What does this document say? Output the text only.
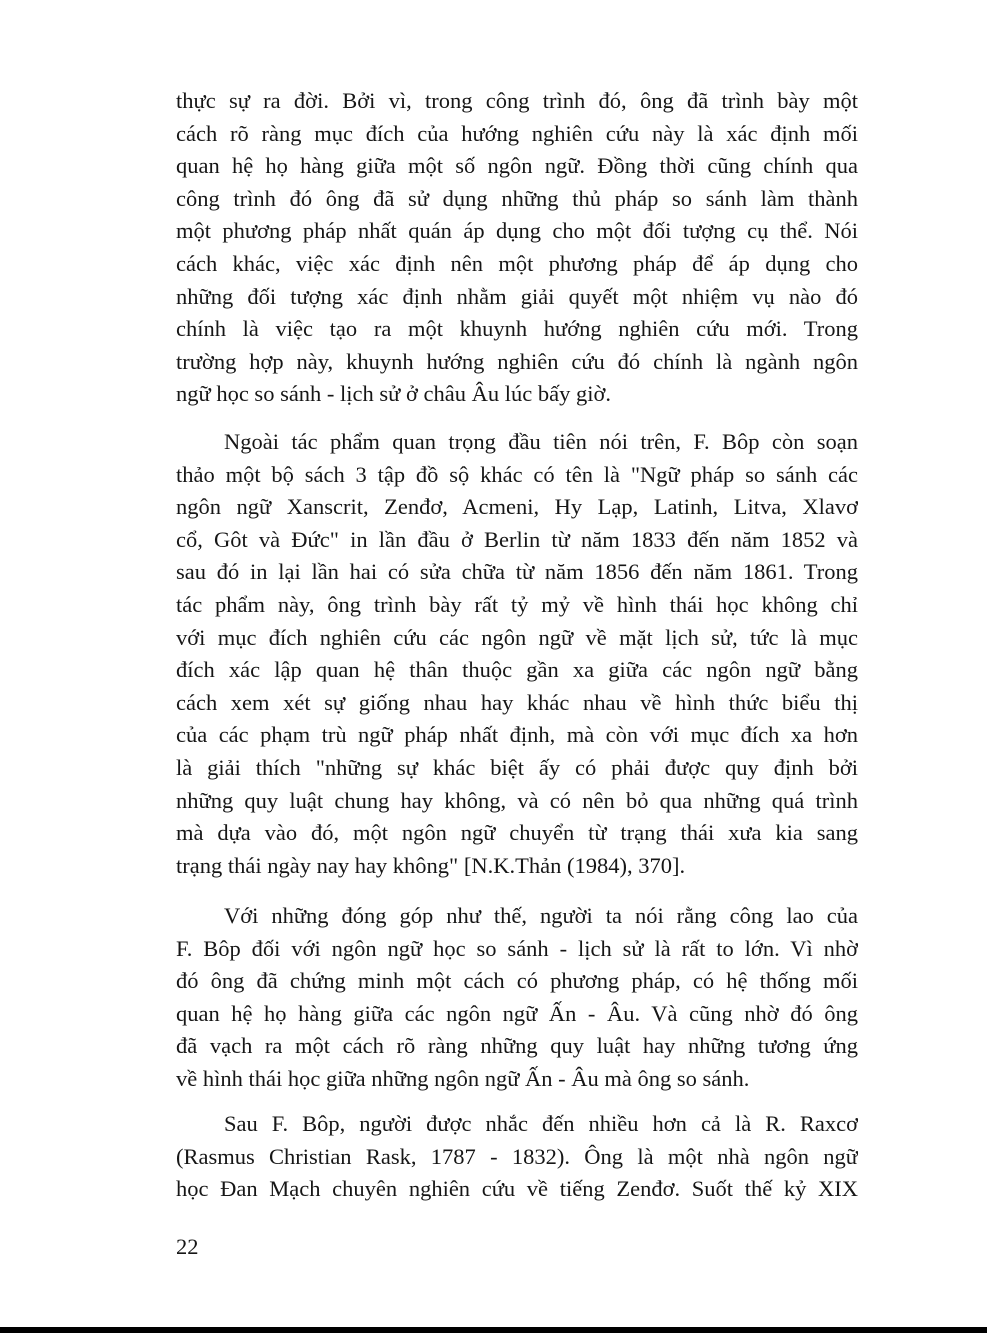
thực sự ra đời. Bởi vì, trong công trình đó, ông đã trình bày một
cách rõ ràng mục đích của hướng nghiên cứu này là xác định mối
quan hệ họ hàng giữa một số ngôn ngữ. Đồng thời cũng chính qua
công trình đó ông đã sử dụng những thủ pháp so sánh làm thành
một phương pháp nhất quán áp dụng cho một đối tượng cụ thể. Nói
cách khác, việc xác định nên một phương pháp để áp dụng cho
những đối tượng xác định nhằm giải quyết một nhiệm vụ nào đó
chính là việc tạo ra một khuynh hướng nghiên cứu mới. Trong
trường hợp này, khuynh hướng nghiên cứu đó chính là ngành ngôn
ngữ học so sánh - lịch sử ở châu Âu lúc bấy giờ.
Ngoài tác phẩm quan trọng đầu tiên nói trên, F. Bôp còn soạn
thảo một bộ sách 3 tập đồ sộ khác có tên là "Ngữ pháp so sánh các
ngôn ngữ Xanscrit, Zenđơ, Acmeni, Hy Lạp, Latinh, Litva, Xlavơ
cổ, Gôt và Đức" in lần đầu ở Berlin từ năm 1833 đến năm 1852 và
sau đó in lại lần hai có sửa chữa từ năm 1856 đến năm 1861. Trong
tác phẩm này, ông trình bày rất tỷ mỷ về hình thái học không chỉ
với mục đích nghiên cứu các ngôn ngữ về mặt lịch sử, tức là mục
đích xác lập quan hệ thân thuộc gần xa giữa các ngôn ngữ bằng
cách xem xét sự giống nhau hay khác nhau về hình thức biểu thị
của các phạm trù ngữ pháp nhất định, mà còn với mục đích xa hơn
là giải thích "những sự khác biệt ấy có phải được quy định bởi
những quy luật chung hay không, và có nên bỏ qua những quá trình
mà dựa vào đó, một ngôn ngữ chuyển từ trạng thái xưa kia sang
trạng thái ngày nay hay không" [N.K.Thản (1984), 370].
Với những đóng góp như thế, người ta nói rằng công lao của
F. Bôp đối với ngôn ngữ học so sánh - lịch sử là rất to lớn. Vì nhờ
đó ông đã chứng minh một cách có phương pháp, có hệ thống mối
quan hệ họ hàng giữa các ngôn ngữ Ấn - Âu. Và cũng nhờ đó ông
đã vạch ra một cách rõ ràng những quy luật hay những tương ứng
về hình thái học giữa những ngôn ngữ Ấn - Âu mà ông so sánh.
Sau F. Bôp, người được nhắc đến nhiều hơn cả là R. Raxcơ
(Rasmus Christian Rask, 1787 - 1832). Ông là một nhà ngôn ngữ
học Đan Mạch chuyên nghiên cứu về tiếng Zenđơ. Suốt thế kỷ XIX
22
